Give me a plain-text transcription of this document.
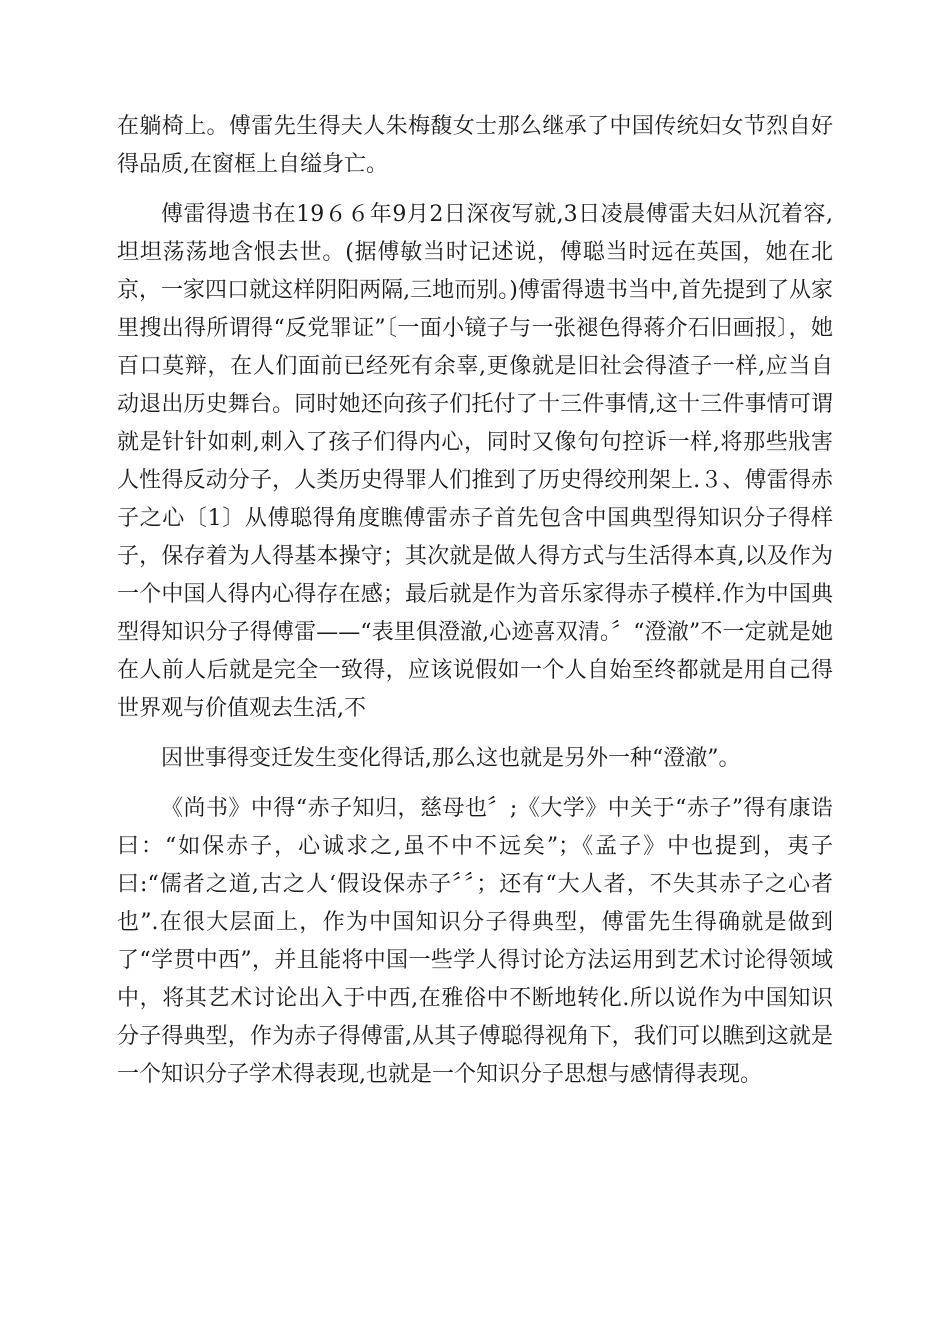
在躺椅上。傅雷先生得夫人朱梅馥女士那么继承了中国传统妇女节烈自好得品质,在窗框上自缢身亡。

傅雷得遗书在19６６年9月2日深夜写就,3日凌晨傅雷夫妇从沉着容,坦坦荡荡地含恨去世。(据傅敏当时记述说，傅聪当时远在英国，她在北京，一家四口就这样阴阳两隔,三地而别。)傅雷得遗书当中,首先提到了从家里搜出得所谓得“反党罪证”〔一面小镜子与一张褪色得蒋介石旧画报〕，她百口莫辩，在人们面前已经死有余辜,更像就是旧社会得渣子一样,应当自动退出历史舞台。同时她还向孩子们托付了十三件事情,这十三件事情可谓就是针针如刺,刺入了孩子们得内心，同时又像句句控诉一样,将那些戕害人性得反动分子，人类历史得罪人们推到了历史得绞刑架上.３、傅雷得赤子之心〔1〕从傅聪得角度瞧傅雷赤子首先包含中国典型得知识分子得样子，保存着为人得基本操守；其次就是做人得方式与生活得本真,以及作为一个中国人得内心得存在感；最后就是作为音乐家得赤子模样.作为中国典型得知识分子得傅雷——“表里俱澄澈,心迹喜双清。〞“澄澈”不一定就是她在人前人后就是完全一致得，应该说假如一个人自始至终都就是用自己得世界观与价值观去生活,不

因世事得变迁发生变化得话,那么这也就是另外一种“澄澈”。

《尚书》中得“赤子知归，慈母也〞;《大学》中关于“赤子”得有康诰曰：“如保赤子，心诚求之,虽不中不远矣”；《孟子》中也提到，夷子曰:“儒者之道,古之人‘假设保赤子〞〞；还有“大人者，不失其赤子之心者也”.在很大层面上，作为中国知识分子得典型，傅雷先生得确就是做到了“学贯中西”，并且能将中国一些学人得讨论方法运用到艺术讨论得领域中，将其艺术讨论出入于中西,在雅俗中不断地转化.所以说作为中国知识分子得典型，作为赤子得傅雷,从其子傅聪得视角下，我们可以瞧到这就是一个知识分子学术得表现,也就是一个知识分子思想与感情得表现。
